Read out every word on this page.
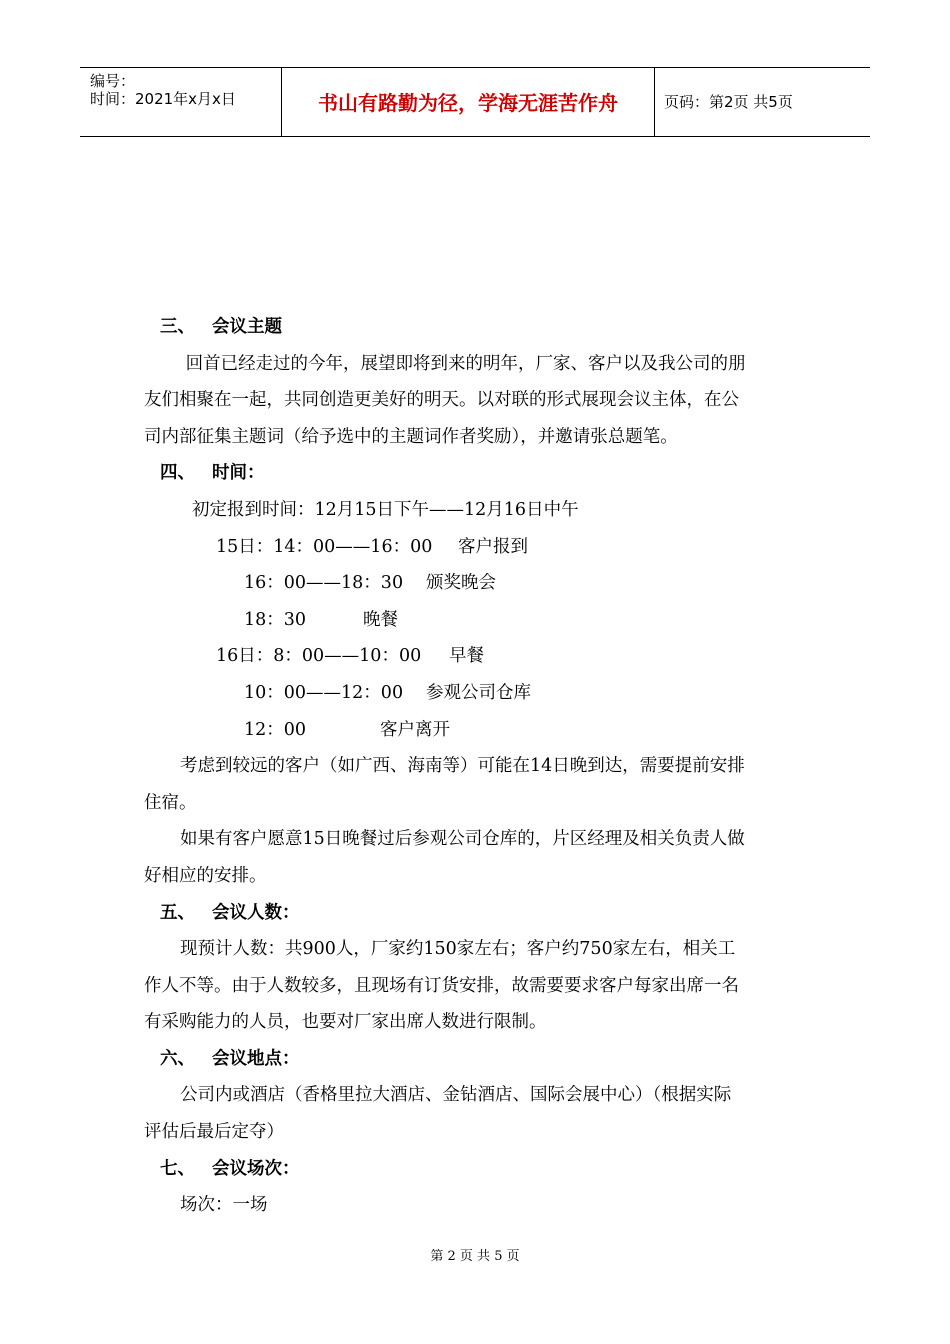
编号：
时间：2021年x月x日	书山有路勤为径，学海无涯苦作舟	页码：第2页 共5页
三、 会议主题
回首已经走过的今年，展望即将到来的明年，厂家、客户以及我公司的朋
友们相聚在一起，共同创造更美好的明天。以对联的形式展现会议主体，在公
司内部征集主题词（给予选中的主题词作者奖励），并邀请张总题笔。
四、 时间：
初定报到时间：12月15日下午——12月16日中午
15日：14：00——16：00 客户报到
16：00——18：30 颁奖晚会
18：30	晚餐
16日：8：00——10：00 早餐
10：00——12：00 参观公司仓库
12：00	客户离开
考虑到较远的客户（如广西、海南等）可能在14日晚到达，需要提前安排
住宿。
如果有客户愿意15日晚餐过后参观公司仓库的，片区经理及相关负责人做
好相应的安排。
五、 会议人数：
现预计人数：共900人，厂家约150家左右；客户约750家左右，相关工
作人不等。由于人数较多，且现场有订货安排，故需要要求客户每家出席一名
有采购能力的人员，也要对厂家出席人数进行限制。
六、 会议地点：
公司内或酒店（香格里拉大酒店、金钻酒店、国际会展中心）（根据实际
评估后最后定夺）
七、 会议场次：
场次：一场
第 2 页 共 5 页
